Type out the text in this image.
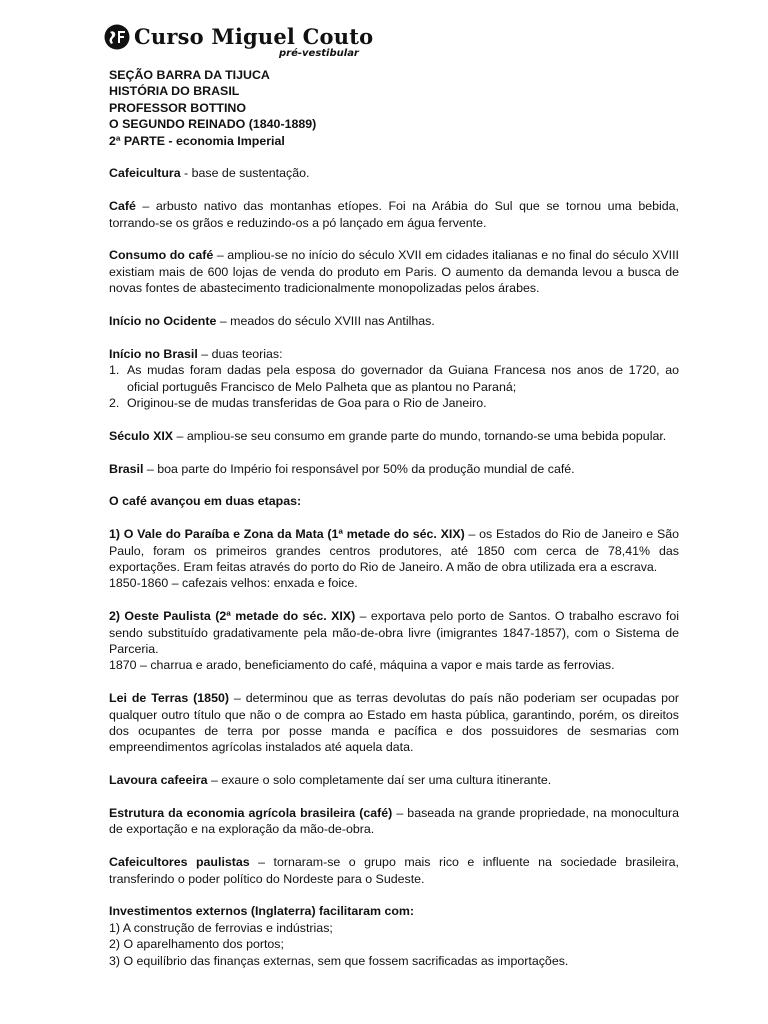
Curso Miguel Couto
pré-vestibular
SEÇÃO BARRA DA TIJUCA
HISTÓRIA DO BRASIL
PROFESSOR BOTTINO
O SEGUNDO REINADO (1840-1889)
2ª PARTE - economia Imperial

Cafeicultura - base de sustentação.

Café – arbusto nativo das montanhas etíopes. Foi na Arábia do Sul que se tornou uma bebida, torrando-se os grãos e reduzindo-os a pó lançado em água fervente.

Consumo do café – ampliou-se no início do século XVII em cidades italianas e no final do século XVIII existiam mais de 600 lojas de venda do produto em Paris. O aumento da demanda levou a busca de novas fontes de abastecimento tradicionalmente monopolizadas pelos árabes.

Início no Ocidente – meados do século XVIII nas Antilhas.

Início no Brasil – duas teorias:

1. As mudas foram dadas pela esposa do governador da Guiana Francesa nos anos de 1720, ao oficial português Francisco de Melo Palheta que as plantou no Paraná;
2. Originou-se de mudas transferidas de Goa para o Rio de Janeiro.

Século XIX – ampliou-se seu consumo em grande parte do mundo, tornando-se uma bebida popular.

Brasil – boa parte do Império foi responsável por 50% da produção mundial de café.

O café avançou em duas etapas:

1) O Vale do Paraíba e Zona da Mata (1ª metade do séc. XIX) – os Estados do Rio de Janeiro e São Paulo, foram os primeiros grandes centros produtores, até 1850 com cerca de 78,41% das exportações. Eram feitas através do porto do Rio de Janeiro. A mão de obra utilizada era a escrava.

1850-1860 – cafezais velhos: enxada e foice.

2) Oeste Paulista (2ª metade do séc. XIX) – exportava pelo porto de Santos. O trabalho escravo foi sendo substituído gradativamente pela mão-de-obra livre (imigrantes 1847-1857), com o Sistema de Parceria.

1870 – charrua e arado, beneficiamento do café, máquina a vapor e mais tarde as ferrovias.

Lei de Terras (1850) – determinou que as terras devolutas do país não poderiam ser ocupadas por qualquer outro título que não o de compra ao Estado em hasta pública, garantindo, porém, os direitos dos ocupantes de terra por posse manda e pacífica e dos possuidores de sesmarias com empreendimentos agrícolas instalados até aquela data.

Lavoura cafeeira – exaure o solo completamente daí ser uma cultura itinerante.

Estrutura da economia agrícola brasileira (café) – baseada na grande propriedade, na monocultura de exportação e na exploração da mão-de-obra.

Cafeicultores paulistas – tornaram-se o grupo mais rico e influente na sociedade brasileira, transferindo o poder político do Nordeste para o Sudeste.

Investimentos externos (Inglaterra) facilitaram com:

1) A construção de ferrovias e indústrias;

2) O aparelhamento dos portos;

3) O equilíbrio das finanças externas, sem que fossem sacrificadas as importações.
